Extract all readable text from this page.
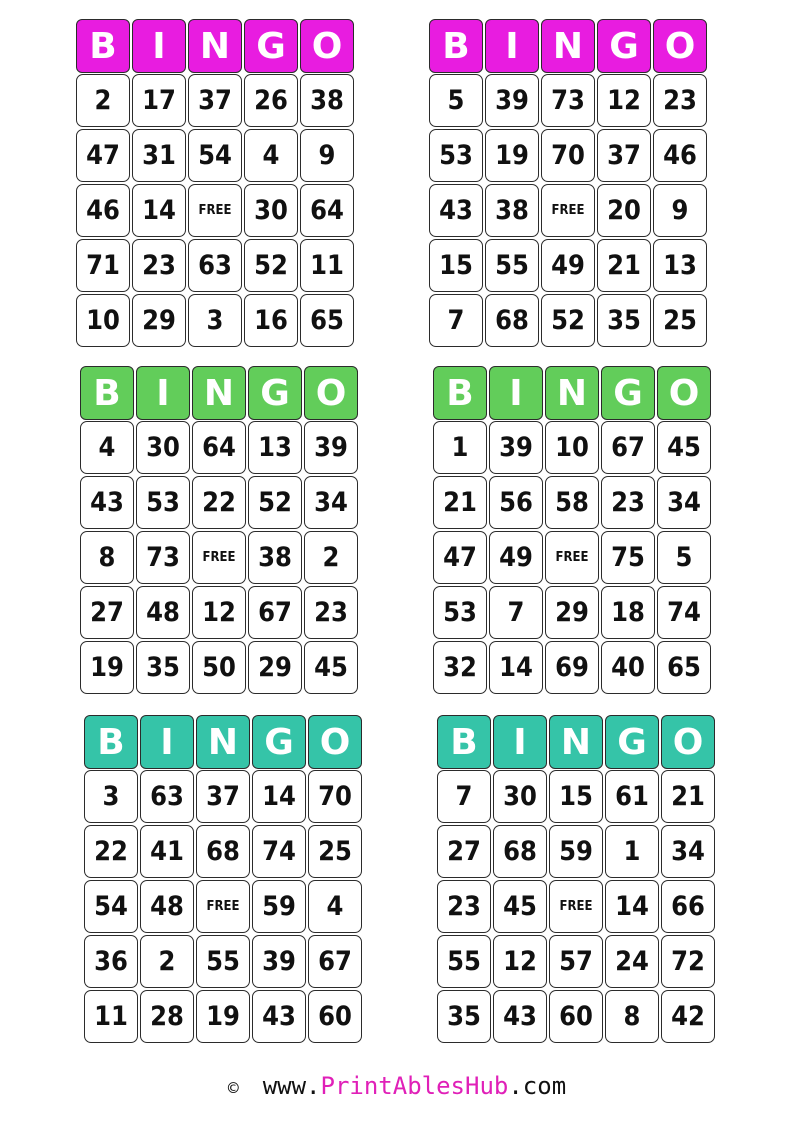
B I N G O
2	17 37 26 38
47 31 54	4	9
46 14	FREE 30 64
71 23 63 52 11
10 29	3	16 65
B I N G O
5	39 73 12 23
53 19 70 37 46
43 38	FREE 20	9
15 55 49 21 13
7	68 52 35 25
B I N G O
4	30 64 13 39
43 53 22 52 34
8	73	FREE 38	2
27 48 12 67 23
19 35 50 29 45
B I N G O
1	39 10 67 45
21 56 58 23 34
47 49	FREE 75	5
53	7	29 18 74
32 14 69 40 65
B I N G O
3	63 37 14 70
22 41 68 74 25
54 48	FREE 59	4
36	2	55 39 67
11 28 19 43 60
B I N G O
7	30 15 61 21
27 68 59	1	34
23 45	FREE 14 66
55 12 57 24 72
35 43 60	8	42
© www.PrintAblesHub.com
